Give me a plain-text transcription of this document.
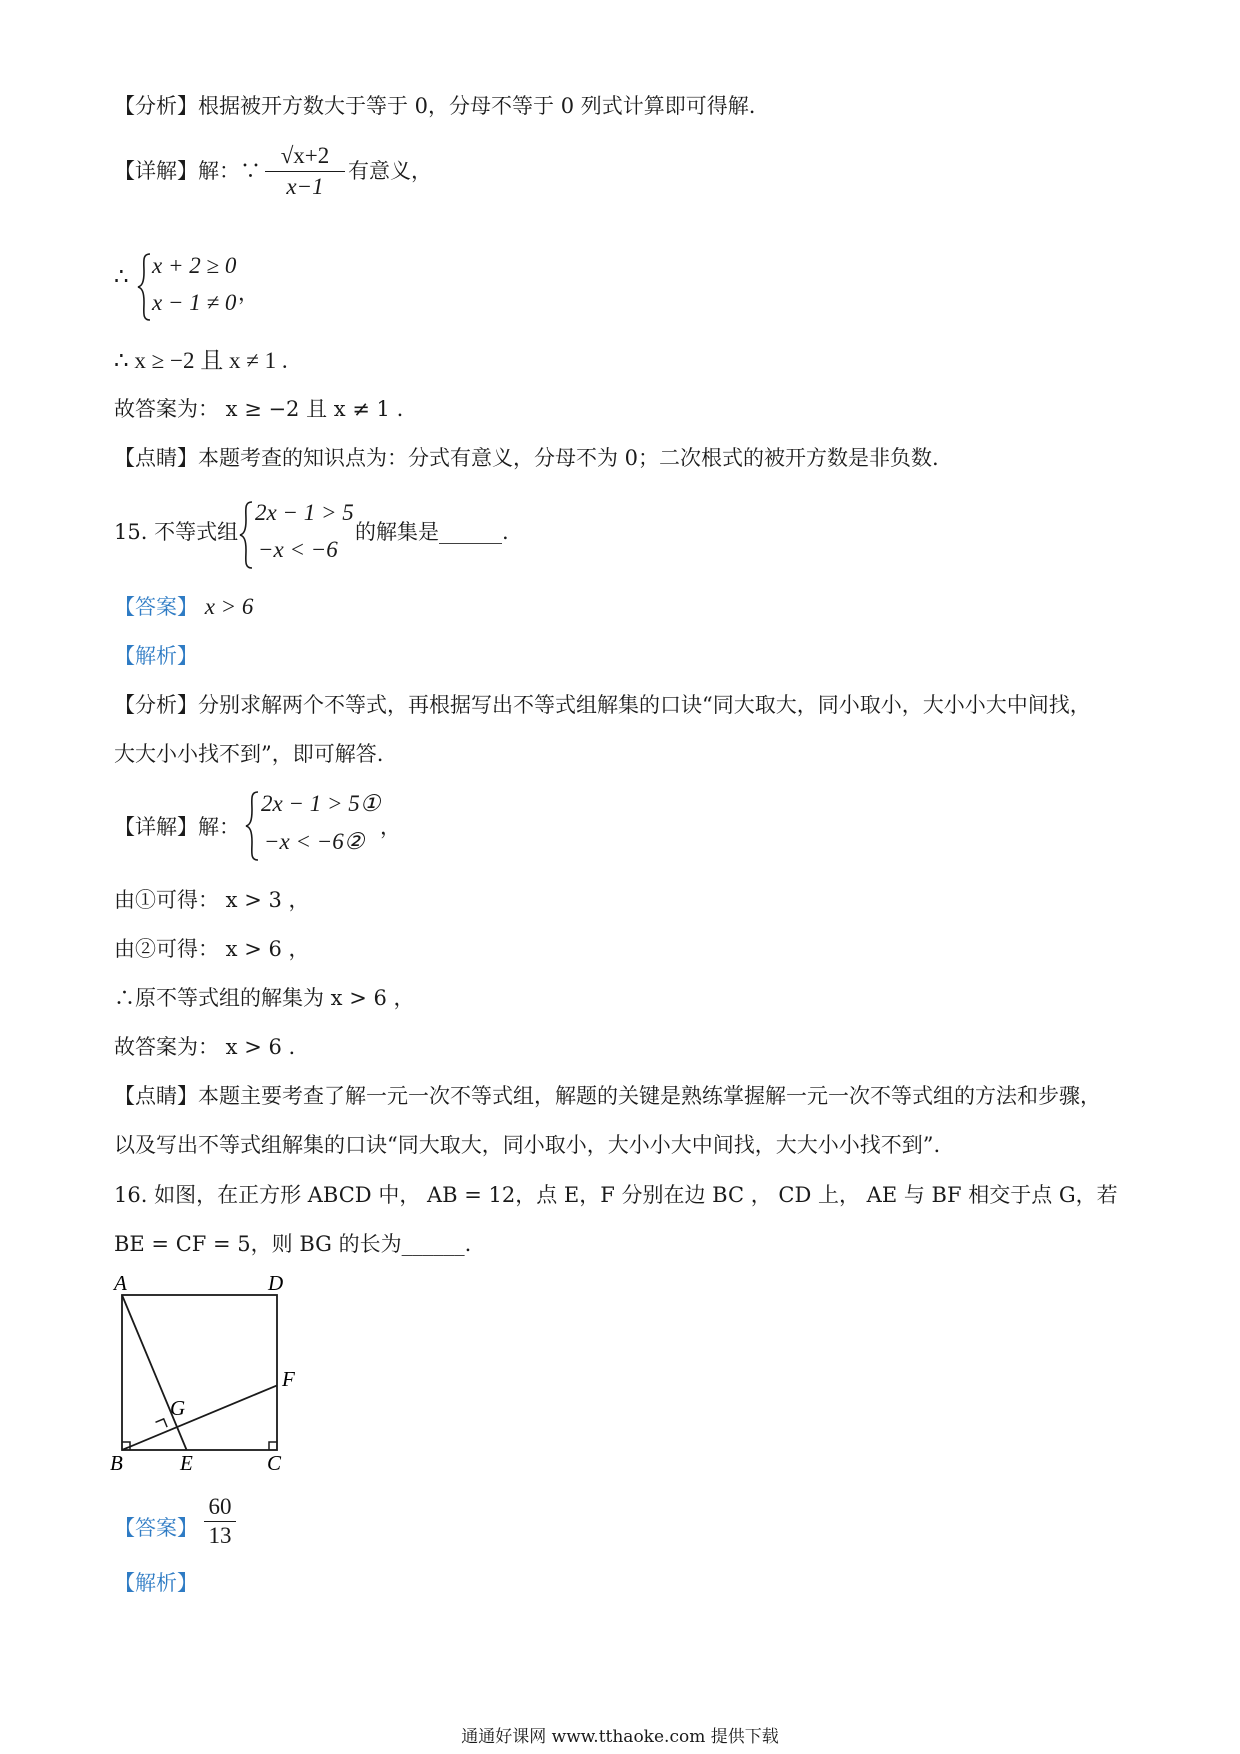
【分析】根据被开方数大于等于 0，分母不等于 0 列式计算即可得解.
【详解】解：∵ $\frac{√x+2}{x-1}$ 有意义，
∴ x + 2 ≥ 0
x − 1 ≠ 0 ，
∴ x ≥ −2 且 x ≠ 1 .
故答案为： x ≥ −2 且 x ≠ 1 .
【点睛】本题考查的知识点为：分式有意义，分母不为 0；二次根式的被开方数是非负数.
15. 不等式组
2x − 1 > 5
−x < −6
的解集是______.
【答案】 x > 6
【解析】
【分析】分别求解两个不等式，再根据写出不等式组解集的口诀“同大取大，同小取小，大小小大中间找，
大大小小找不到”，即可解答.
【详解】解：
2x − 1 > 5①
−x < −6②
，
由①可得： x > 3 ，
由②可得： x > 6 ，
∴原不等式组的解集为 x > 6 ，
故答案为： x > 6 .
【点睛】本题主要考查了解一元一次不等式组，解题的关键是熟练掌握解一元一次不等式组的方法和步骤，
以及写出不等式组解集的口诀“同大取大，同小取小，大小小大中间找，大大小小找不到”.
16. 如图，在正方形 ABCD 中， AB = 12，点 E，F 分别在边 BC ， CD 上， AE 与 BF 相交于点 G，若
BE = CF = 5，则 BG 的长为______.
A	D
F
G
B	E	C
【答案】 $\frac{60}{13}$
【解析】
通通好课网 www.tthaoke.com 提供下载
